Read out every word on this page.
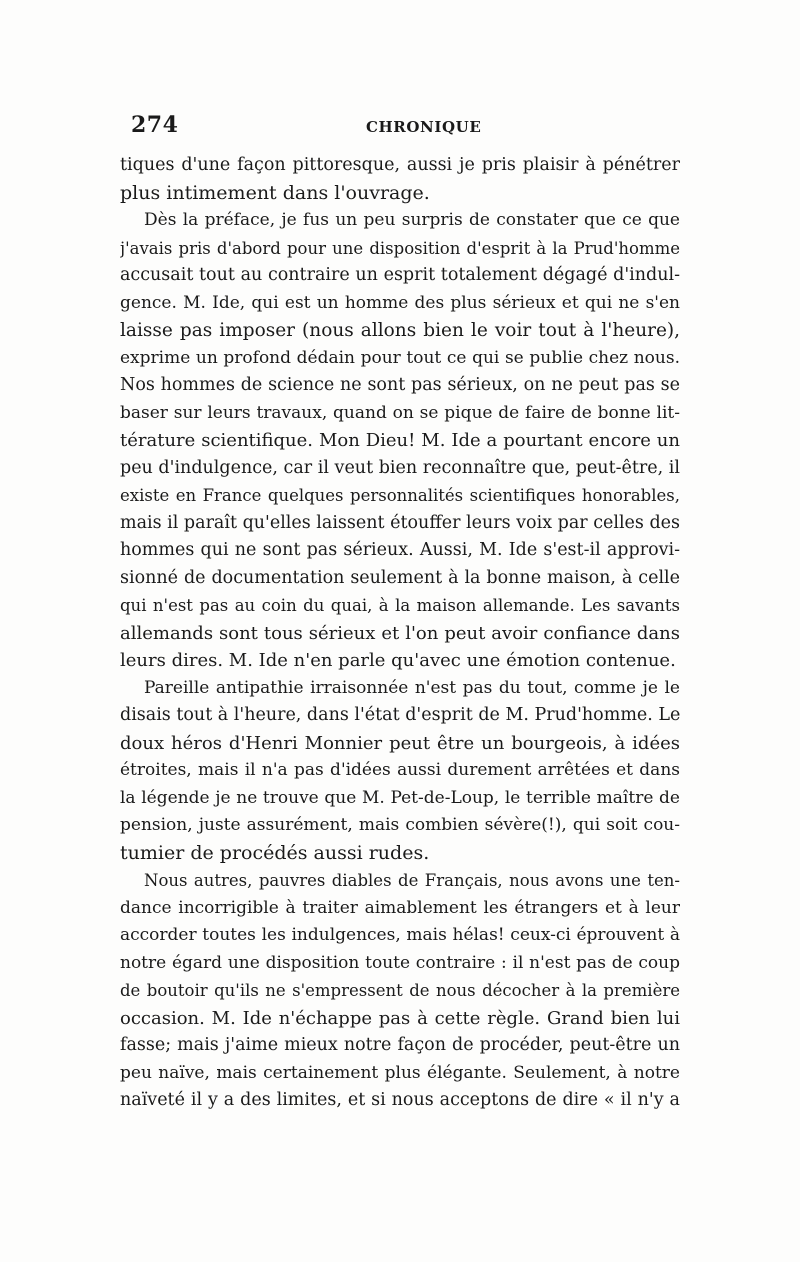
274	CHRONIQUE
tiques d'une façon pittoresque, aussi je pris plaisir à pénétrer
plus intimement dans l'ouvrage.
Dès la préface, je fus un peu surpris de constater que ce que
j'avais pris d'abord pour une disposition d'esprit à la Prud'homme
accusait tout au contraire un esprit totalement dégagé d'indul-
gence. M. Ide, qui est un homme des plus sérieux et qui ne s'en
laisse pas imposer (nous allons bien le voir tout à l'heure),
exprime un profond dédain pour tout ce qui se publie chez nous.
Nos hommes de science ne sont pas sérieux, on ne peut pas se
baser sur leurs travaux, quand on se pique de faire de bonne lit-
térature scientifique. Mon Dieu! M. Ide a pourtant encore un
peu d'indulgence, car il veut bien reconnaître que, peut-être, il
existe en France quelques personnalités scientifiques honorables,
mais il paraît qu'elles laissent étouffer leurs voix par celles des
hommes qui ne sont pas sérieux. Aussi, M. Ide s'est-il approvi-
sionné de documentation seulement à la bonne maison, à celle
qui n'est pas au coin du quai, à la maison allemande. Les savants
allemands sont tous sérieux et l'on peut avoir confiance dans
leurs dires. M. Ide n'en parle qu'avec une émotion contenue.
Pareille antipathie irraisonnée n'est pas du tout, comme je le
disais tout à l'heure, dans l'état d'esprit de M. Prud'homme. Le
doux héros d'Henri Monnier peut être un bourgeois, à idées
étroites, mais il n'a pas d'idées aussi durement arrêtées et dans
la légende je ne trouve que M. Pet-de-Loup, le terrible maître de
pension, juste assurément, mais combien sévère(!), qui soit cou-
tumier de procédés aussi rudes.
Nous autres, pauvres diables de Français, nous avons une ten-
dance incorrigible à traiter aimablement les étrangers et à leur
accorder toutes les indulgences, mais hélas! ceux-ci éprouvent à
notre égard une disposition toute contraire : il n'est pas de coup
de boutoir qu'ils ne s'empressent de nous décocher à la première
occasion. M. Ide n'échappe pas à cette règle. Grand bien lui
fasse; mais j'aime mieux notre façon de procéder, peut-être un
peu naïve, mais certainement plus élégante. Seulement, à notre
naïveté il y a des limites, et si nous acceptons de dire « il n'y a
